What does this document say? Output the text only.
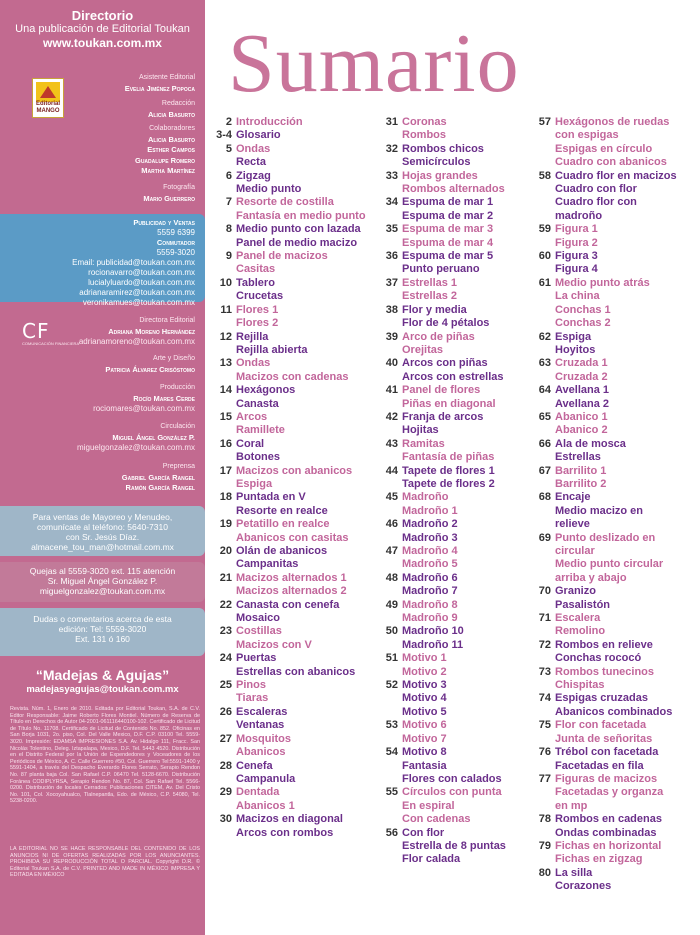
Directorio
Una publicación de Editorial Toukan
www.toukan.com.mx
Editorial MANGO
Asistente Editorial
Evelia Jiménez Popoca
Redacción
Alicia Basurto
Colaboradores
Alicia Basurto
Esther Campos
Guadalupe Romero
Martha Martínez
Fotografía
Mario Guerrero
Publicidad y Ventas
5559 6399
Conmutador
5559-3020
Email: publicidad@toukan.com.mx
rocionavarro@toukan.com.mx
lucialyluardo@toukan.com.mx
adrianaramirez@toukan.com.mx
veronikamues@toukan.com.mx
CF
COMUNICACIÓN FINANCIERA
Directora Editorial
Adriana Moreno Hernández
adrianamoreno@toukan.com.mx
Arte y Diseño
Patricia Álvarez Crisóstomo
Producción
Rocío Mares Cerde
rociomares@toukan.com.mx
Circulación
Miguel Ángel González P.
miguelgonzalez@toukan.com.mx
Preprensa
Gabriel García Rangel
Ramón García Rangel
Para ventas de Mayoreo y Menudeo,
comunícate al teléfono: 5640-7310
con Sr. Jesús Díaz.
almacene_tou_man@hotmail.com.mx
Quejas al 5559-3020 ext. 115 atención
Sr. Miguel Ángel González P.
miguelgonzalez@toukan.com.mx
Dudas o comentarios acerca de esta
edición: Tel: 5559-3020
Ext. 131 ó 160
“Madejas & Agujas”
madejasyagujas@toukan.com.mx
Revista. Núm. 1, Enero de 2010. Editada por Editorial Toukan, S.A. de C.V. Editor Responsable: Jaime Roberto Flores Montiel. Número de Reserva de Título en Derechos de Autor 04-2001-061116440100-102. Certificado de Licitud de Título No. 11708. Certificado de Licitud de Contenido No. 852. Oficinas en San Borja 1031, 2o. piso, Col. Del Valle Mexico, D.F. C.P. 03100 Tel. 5559-3020. Impresión: EDAMSA IMPRESIONES S.A. Av. Hidalgo 111, Fracc. San Nicolás Tolentino, Deleg. Iztapalapa, Mexico, D.F. Tel. 5443 4520. Distribución en el Distrito Federal por la Unión de Expendedores y Voceadores de los Periódicos de México, A. C. Calle Guerrero #50, Col. Guerrero Tel:5591-1400 y 5591-1404, a través del Despacho Everardo Flores Serrato, Serapio Rendon No. 87 planta baja Col. San Rafael C.P. 06470 Tel. 5128-6670. Distribución Foránea CODIPLYRSA, Serapio Rendon No. 87, Col. San Rafael Tel. 5566-0200. Distribución de locales Cerrados: Publicaciones CITEM, Av. Del Cristo No. 101, Col. Xocoyahualco, Tlalnepantla, Edo. de México, C.P. 54080, Tel. 5238-0200.
LA EDITORIAL NO SE HACE RESPONSABLE DEL CONTENIDO DE LOS ANUNCIOS NI DE OFERTAS REALIZADAS POR LOS ANUNCIANTES. PROHIBIDA SU REPRODUCCIÓN TOTAL O PARCIAL. Copyright D.R. © Editorial Toukan S.A. de C.V. PRINTED AND MADE IN MÉXICO IMPRESA Y EDITADA EN MÉXICO
Sumario
2 Introducción
3-4 Glosario
5 Ondas
Recta
6 Zigzag
Medio punto
7 Resorte de costilla
Fantasía en medio punto
8 Medio punto con lazada
Panel de medio macizo
9 Panel de macizos
Casitas
10 Tablero
Crucetas
11 Flores 1
Flores 2
12 Rejilla
Rejilla abierta
13 Ondas
Macizos con cadenas
14 Hexágonos
Canasta
15 Arcos
Ramillete
16 Coral
Botones
17 Macizos con abanicos
Espiga
18 Puntada en V
Resorte en realce
19 Petatillo en realce
Abanicos con casitas
20 Olán de abanicos
Campanitas
21 Macizos alternados 1
Macizos alternados 2
22 Canasta con cenefa
Mosaico
23 Costillas
Macizos con V
24 Puertas
Estrellas con abanicos
25 Pinos
Tiaras
26 Escaleras
Ventanas
27 Mosquitos
Abanicos
28 Cenefa
Campanula
29 Dentada
Abanicos 1
30 Macizos en diagonal
Arcos con rombos
31 Coronas
Rombos
32 Rombos chicos
Semicírculos
33 Hojas grandes
Rombos alternados
34 Espuma de mar 1
Espuma de mar 2
35 Espuma de mar 3
Espuma de mar 4
36 Espuma de mar 5
Punto peruano
37 Estrellas 1
Estrellas 2
38 Flor y media
Flor de 4 pétalos
39 Arco de piñas
Orejitas
40 Arcos con piñas
Arcos con estrellas
41 Panel de flores
Piñas en diagonal
42 Franja de arcos
Hojitas
43 Ramitas
Fantasía de piñas
44 Tapete de flores 1
Tapete de flores 2
45 Madroño
Madroño 1
46 Madroño 2
Madroño 3
47 Madroño 4
Madroño 5
48 Madroño 6
Madroño 7
49 Madroño 8
Madroño 9
50 Madroño 10
Madroño 11
51 Motivo 1
Motivo 2
52 Motivo 3
Motivo 4
Motivo 5
53 Motivo 6
Motivo 7
54 Motivo 8
Fantasia
Flores con calados
55 Círculos con punta
En espiral
Con cadenas
56 Con flor
Estrella de 8 puntas
Flor calada
57 Hexágonos de ruedas
con espigas
Espigas en círculo
Cuadro con abanicos
58 Cuadro flor en macizos
Cuadro con flor
Cuadro flor con
madroño
59 Figura 1
Figura 2
60 Figura 3
Figura 4
61 Medio punto atrás
La china
Conchas 1
Conchas 2
62 Espiga
Hoyitos
63 Cruzada 1
Cruzada 2
64 Avellana 1
Avellana 2
65 Abanico 1
Abanico 2
66 Ala de mosca
Estrellas
67 Barrilito 1
Barrilito 2
68 Encaje
Medio macizo en
relieve
69 Punto deslizado en
circular
Medio punto circular
arriba y abajo
70 Granizo
Pasalistón
71 Escalera
Remolino
72 Rombos en relieve
Conchas rococó
73 Rombos tunecinos
Chispitas
74 Espigas cruzadas
Abanicos combinados
75 Flor con facetada
Junta de señoritas
76 Trébol con facetada
Facetadas en fila
77 Figuras de macizos
Facetadas y organza
en mp
78 Rombos en cadenas
Ondas combinadas
79 Fichas en horizontal
Fichas en zigzag
80 La silla
Corazones
